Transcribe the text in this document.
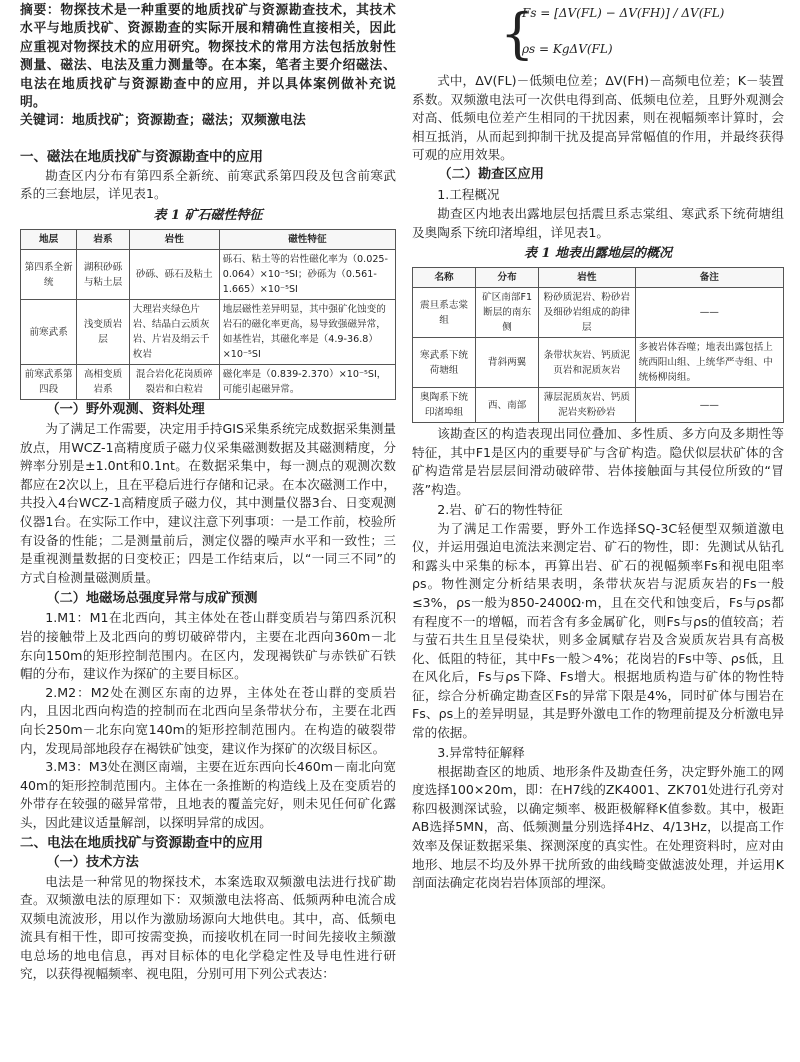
摘要：物探技术是一种重要的地质找矿与资源勘查技术，其技术水平与地质找矿、资源勘查的实际开展和精确性直接相关，因此应重视对物探技术的应用研究。物探技术的常用方法包括放射性测量、磁法、电法及重力测量等。在本案，笔者主要介绍磁法、电法在地质找矿与资源勘查中的应用，并以具体案例做补充说明。

关键词：地质找矿；资源勘查；磁法；双频激电法

一、磁法在地质找矿与资源勘查中的应用

勘查区内分布有第四系全新统、前寒武系第四段及包含前寒武系的三套地层，详见表1。

表 1 矿石磁性特征
地层	岩系	岩性	磁性特征
第四系全新统	湖积砂砾与粘土层	砂砾、砾石及粘土	砾石、粘土等的岩性磁化率为（0.025-0.064）×10⁻⁵SI；砂砾为（0.561-1.665）×10⁻⁵SI
前寒武系	浅变质岩层	大理岩夹绿色片岩、结晶白云质灰岩、片岩及绢云千枚岩	地层磁性差异明显，其中强矿化蚀变的岩石的磁化率更高，易导致强磁异常，如基性岩，其磁化率是（4.9-36.8）×10⁻⁵SI
前寒武系第四段	高相变质岩系	混合岩化花岗质碎裂岩和白粒岩	磁化率是（0.839-2.370）×10⁻⁵SI，可能引起磁异常。

（一）野外观测、资料处理

为了满足工作需要，决定用手持GIS采集系统完成数据采集测量放点，用WCZ-1高精度质子磁力仪采集磁测数据及其磁测精度，分辨率分别是±1.0nt和0.1nt。在数据采集中，每一测点的观测次数都应在2次以上，且在平稳后进行存储和记录。在本次磁测工作中，共投入4台WCZ-1高精度质子磁力仪，其中测量仪器3台、日变观测仪器1台。在实际工作中，建议注意下列事项：一是工作前，校验所有设备的性能；二是测量前后，测定仪器的噪声水平和一致性；三是重视测量数据的日变校正；四是工作结束后，以“一同三不同”的方式自检测量磁测质量。

（二）地磁场总强度异常与成矿预测

1.M1：M1在北西向，其主体处在苍山群变质岩与第四系沉积岩的接触带上及北西向的剪切破碎带内，主要在北西向360m－北东向150m的矩形控制范围内。在区内，发现褐铁矿与赤铁矿石铁帽的分布，建议作为探矿的主要目标区。

2.M2：M2处在测区东南的边界，主体处在苍山群的变质岩内，且因北西向构造的控制而在北西向呈条带状分布，主要在北西向长250m－北东向宽140m的矩形控制范围内。在构造的破裂带内，发现局部地段存在褐铁矿蚀变，建议作为探矿的次级目标区。

3.M3：M3处在测区南端，主要在近东西向长460m－南北向宽40m的矩形控制范围内。主体在一条推断的构造线上及在变质岩的外带存在较强的磁异常带，且地表的覆盖完好，则未见任何矿化露头，因此建议适量解剖，以探明异常的成因。

二、电法在地质找矿与资源勘查中的应用

（一）技术方法

电法是一种常见的物探技术，本案选取双频激电法进行找矿勘查。双频激电法的原理如下：双频激电法将高、低频两种电流合成双频电流波形，用以作为激励场源向大地供电。其中，高、低频电流具有相干性，即可按需变换，而接收机在同一时间先接收主频激电总场的地电信息，再对目标体的电化学稳定性及导电性进行研究，以获得视幅频率、视电阻，分别可用下列公式表达：

{
Fs = [ΔV(FL) − ΔV(FH)] / ΔV(FL)
ρs = KgΔV(FL)

式中，ΔV(FL)－低频电位差；ΔV(FH)－高频电位差；K－装置系数。双频激电法可一次供电得到高、低频电位差，且野外观测会对高、低频电位差产生相同的干扰因素，则在视幅频率计算时，会相互抵消，从而起到抑制干扰及提高异常幅值的作用，并最终获得可观的应用效果。

（二）勘查区应用

1.工程概况

勘查区内地表出露地层包括震旦系志棠组、寒武系下统荷塘组及奥陶系下统印渚埠组，详见表1。

表 1 地表出露地层的概况
名称	分布	岩性	备注
震旦系志棠组	矿区南部F1断层的南东侧	粉砂质泥岩、粉砂岩及细砂岩组成的韵律层	——
寒武系下统荷塘组	背斜两翼	条带状灰岩、钙质泥页岩和泥质灰岩	多被岩体吞噬；地表出露包括上统西阳山组、上统华严寺组、中统杨柳岗组。
奥陶系下统印渚埠组	西、南部	薄层泥质灰岩、钙质泥岩夹粉砂岩	——

该勘查区的构造表现出同位叠加、多性质、多方向及多期性等特征，其中F1是区内的重要导矿与含矿构造。隐伏似层状矿体的含矿构造常是岩层层间滑动破碎带、岩体接触面与其侵位所致的“冒落”构造。

2.岩、矿石的物性特征

为了满足工作需要，野外工作选择SQ-3C轻便型双频道激电仪，并运用强迫电流法来测定岩、矿石的物性，即：先测试从钻孔和露头中采集的标本，再算出岩、矿石的视幅频率Fs和视电阻率ρs。物性测定分析结果表明，条带状灰岩与泥质灰岩的Fs一般≤3%，ρs一般为850-2400Ω·m，且在交代和蚀变后，Fs与ρs都有程度不一的增幅，而若含有多金属矿化，则Fs与ρs的值较高；若与萤石共生且呈侵染状，则多金属赋存岩及含炭质灰岩具有高极化、低阻的特征，其中Fs一般＞4%；花岗岩的Fs中等、ρs低，且在风化后，Fs与ρs下降、Fs增大。根据地质构造与矿体的物性特征，综合分析确定勘查区Fs的异常下限是4%，同时矿体与围岩在Fs、ρs上的差异明显，其是野外激电工作的物理前提及分析激电异常的依据。

3.异常特征解释

根据勘查区的地质、地形条件及勘查任务，决定野外施工的网度选择100×20m，即：在H7线的ZK4001、ZK701处进行孔旁对称四极测深试验，以确定频率、极距极解释K值参数。其中，极距AB选择5MN，高、低频测量分别选择4Hz、4/13Hz，以提高工作效率及保证数据采集、探测深度的真实性。在处理资料时，应对由地形、地层不均及外界干扰所致的曲线畸变做滤波处理，并运用K剖面法确定花岗岩岩体顶部的埋深。
